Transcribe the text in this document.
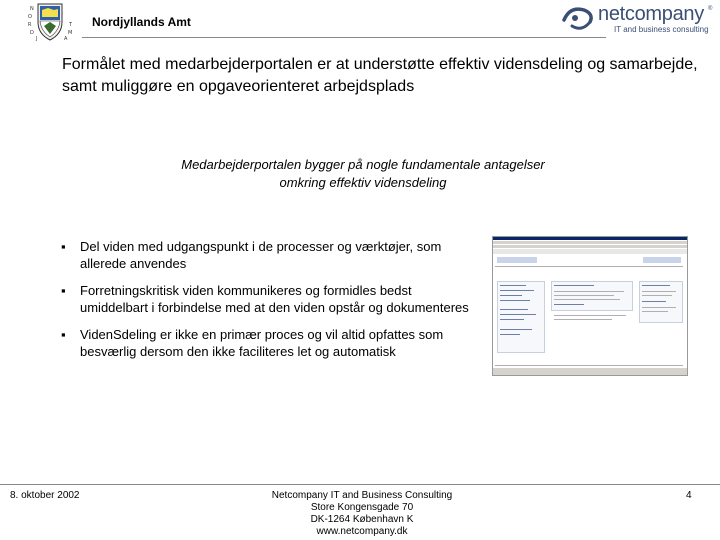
N
O
R
D
J	A
M
T Nordjyllands Amt	netcompany ®
IT and business consulting
Formålet med medarbejderportalen er at understøtte effektiv vidensdeling og samarbejde, samt muliggøre en opgaveorienteret arbejdsplads
Medarbejderportalen bygger på nogle fundamentale antagelser
omkring effektiv vidensdeling
▪ Del viden med udgangspunkt i de processer og værktøjer, som allerede anvendes
▪ Forretningskritisk viden kommunikeres og formidles bedst umiddelbart i forbindelse med at den viden opstår og dokumenteres
▪ VidenSdeling er ikke en primær proces og vil altid opfattes som besværlig dersom den ikke faciliteres let og automatisk
8. oktober 2002	Netcompany IT and Business Consulting
Store Kongensgade 70
DK-1264 København K
www.netcompany.dk
4
